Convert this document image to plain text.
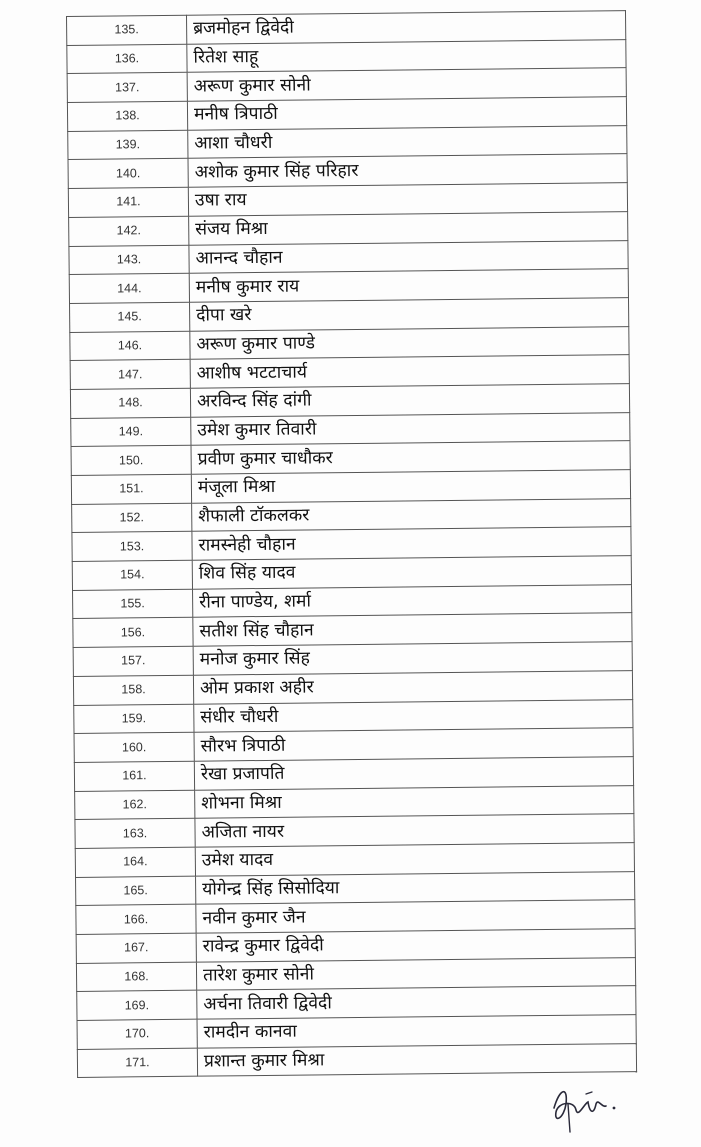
135.	ब्रजमोहन द्विवेदी
136.	रितेश साहू
137.	अरूण कुमार सोनी
138.	मनीष त्रिपाठी
139.	आशा चौधरी
140.	अशोक कुमार सिंह परिहार
141.	उषा राय
142.	संजय मिश्रा
143.	आनन्द चौहान
144.	मनीष कुमार राय
145.	दीपा खरे
146.	अरूण कुमार पाण्डे
147.	आशीष भटटाचार्य
148.	अरविन्द सिंह दांगी
149.	उमेश कुमार तिवारी
150.	प्रवीण कुमार चाधौकर
151.	मंजूला मिश्रा
152.	शैफाली टॉकलकर
153.	रामस्नेही चौहान
154.	शिव सिंह यादव
155.	रीना पाण्डेय, शर्मा
156.	सतीश सिंह चौहान
157.	मनोज कुमार सिंह
158.	ओम प्रकाश अहीर
159.	संधीर चौधरी
160.	सौरभ त्रिपाठी
161.	रेखा प्रजापति
162.	शोभना मिश्रा
163.	अजिता नायर
164.	उमेश यादव
165.	योगेन्द्र सिंह सिसोदिया
166.	नवीन कुमार जैन
167.	रावेन्द्र कुमार द्विवेदी
168.	तारेश कुमार सोनी
169.	अर्चना तिवारी द्विवेदी
170.	रामदीन कानवा
171.	प्रशान्त कुमार मिश्रा
